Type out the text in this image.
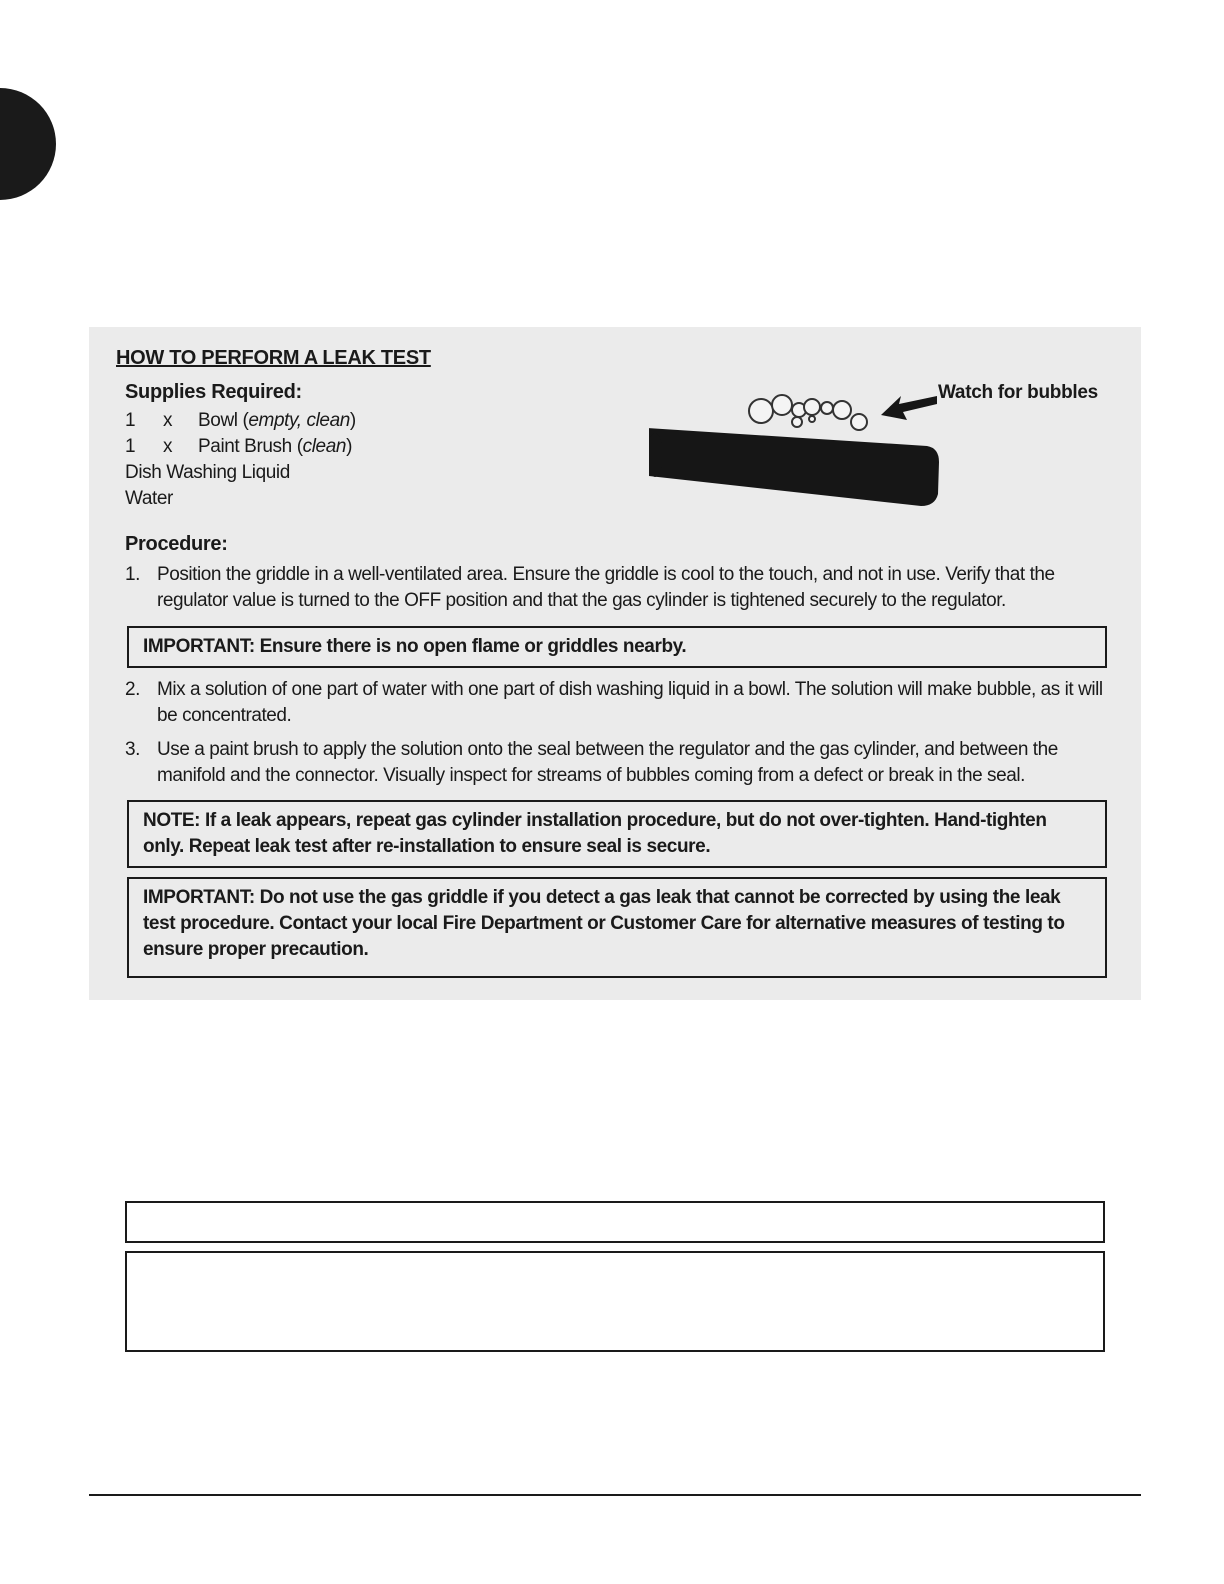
HOW TO PERFORM A LEAK TEST
Supplies Required:
1 x Bowl (empty, clean)
1 x Paint Brush (clean)
Dish Washing Liquid
Water
Watch for bubbles
Procedure:

1. Position the griddle in a well-ventilated area. Ensure the griddle is cool to the touch, and not in use. Verify that the regulator value is turned to the OFF position and that the gas cylinder is tightened securely to the regulator.

IMPORTANT: Ensure there is no open flame or griddles nearby.

2. Mix a solution of one part of water with one part of dish washing liquid in a bowl. The solution will make bubble, as it will be concentrated.

3. Use a paint brush to apply the solution onto the seal between the regulator and the gas cylinder, and between the manifold and the connector. Visually inspect for streams of bubbles coming from a defect or break in the seal.

NOTE: If a leak appears, repeat gas cylinder installation procedure, but do not over-tighten. Hand-tighten only. Repeat leak test after re-installation to ensure seal is secure.
IMPORTANT: Do not use the gas griddle if you detect a gas leak that cannot be corrected by using the leak test procedure. Contact your local Fire Department or Customer Care for alternative measures of testing to ensure proper precaution.
